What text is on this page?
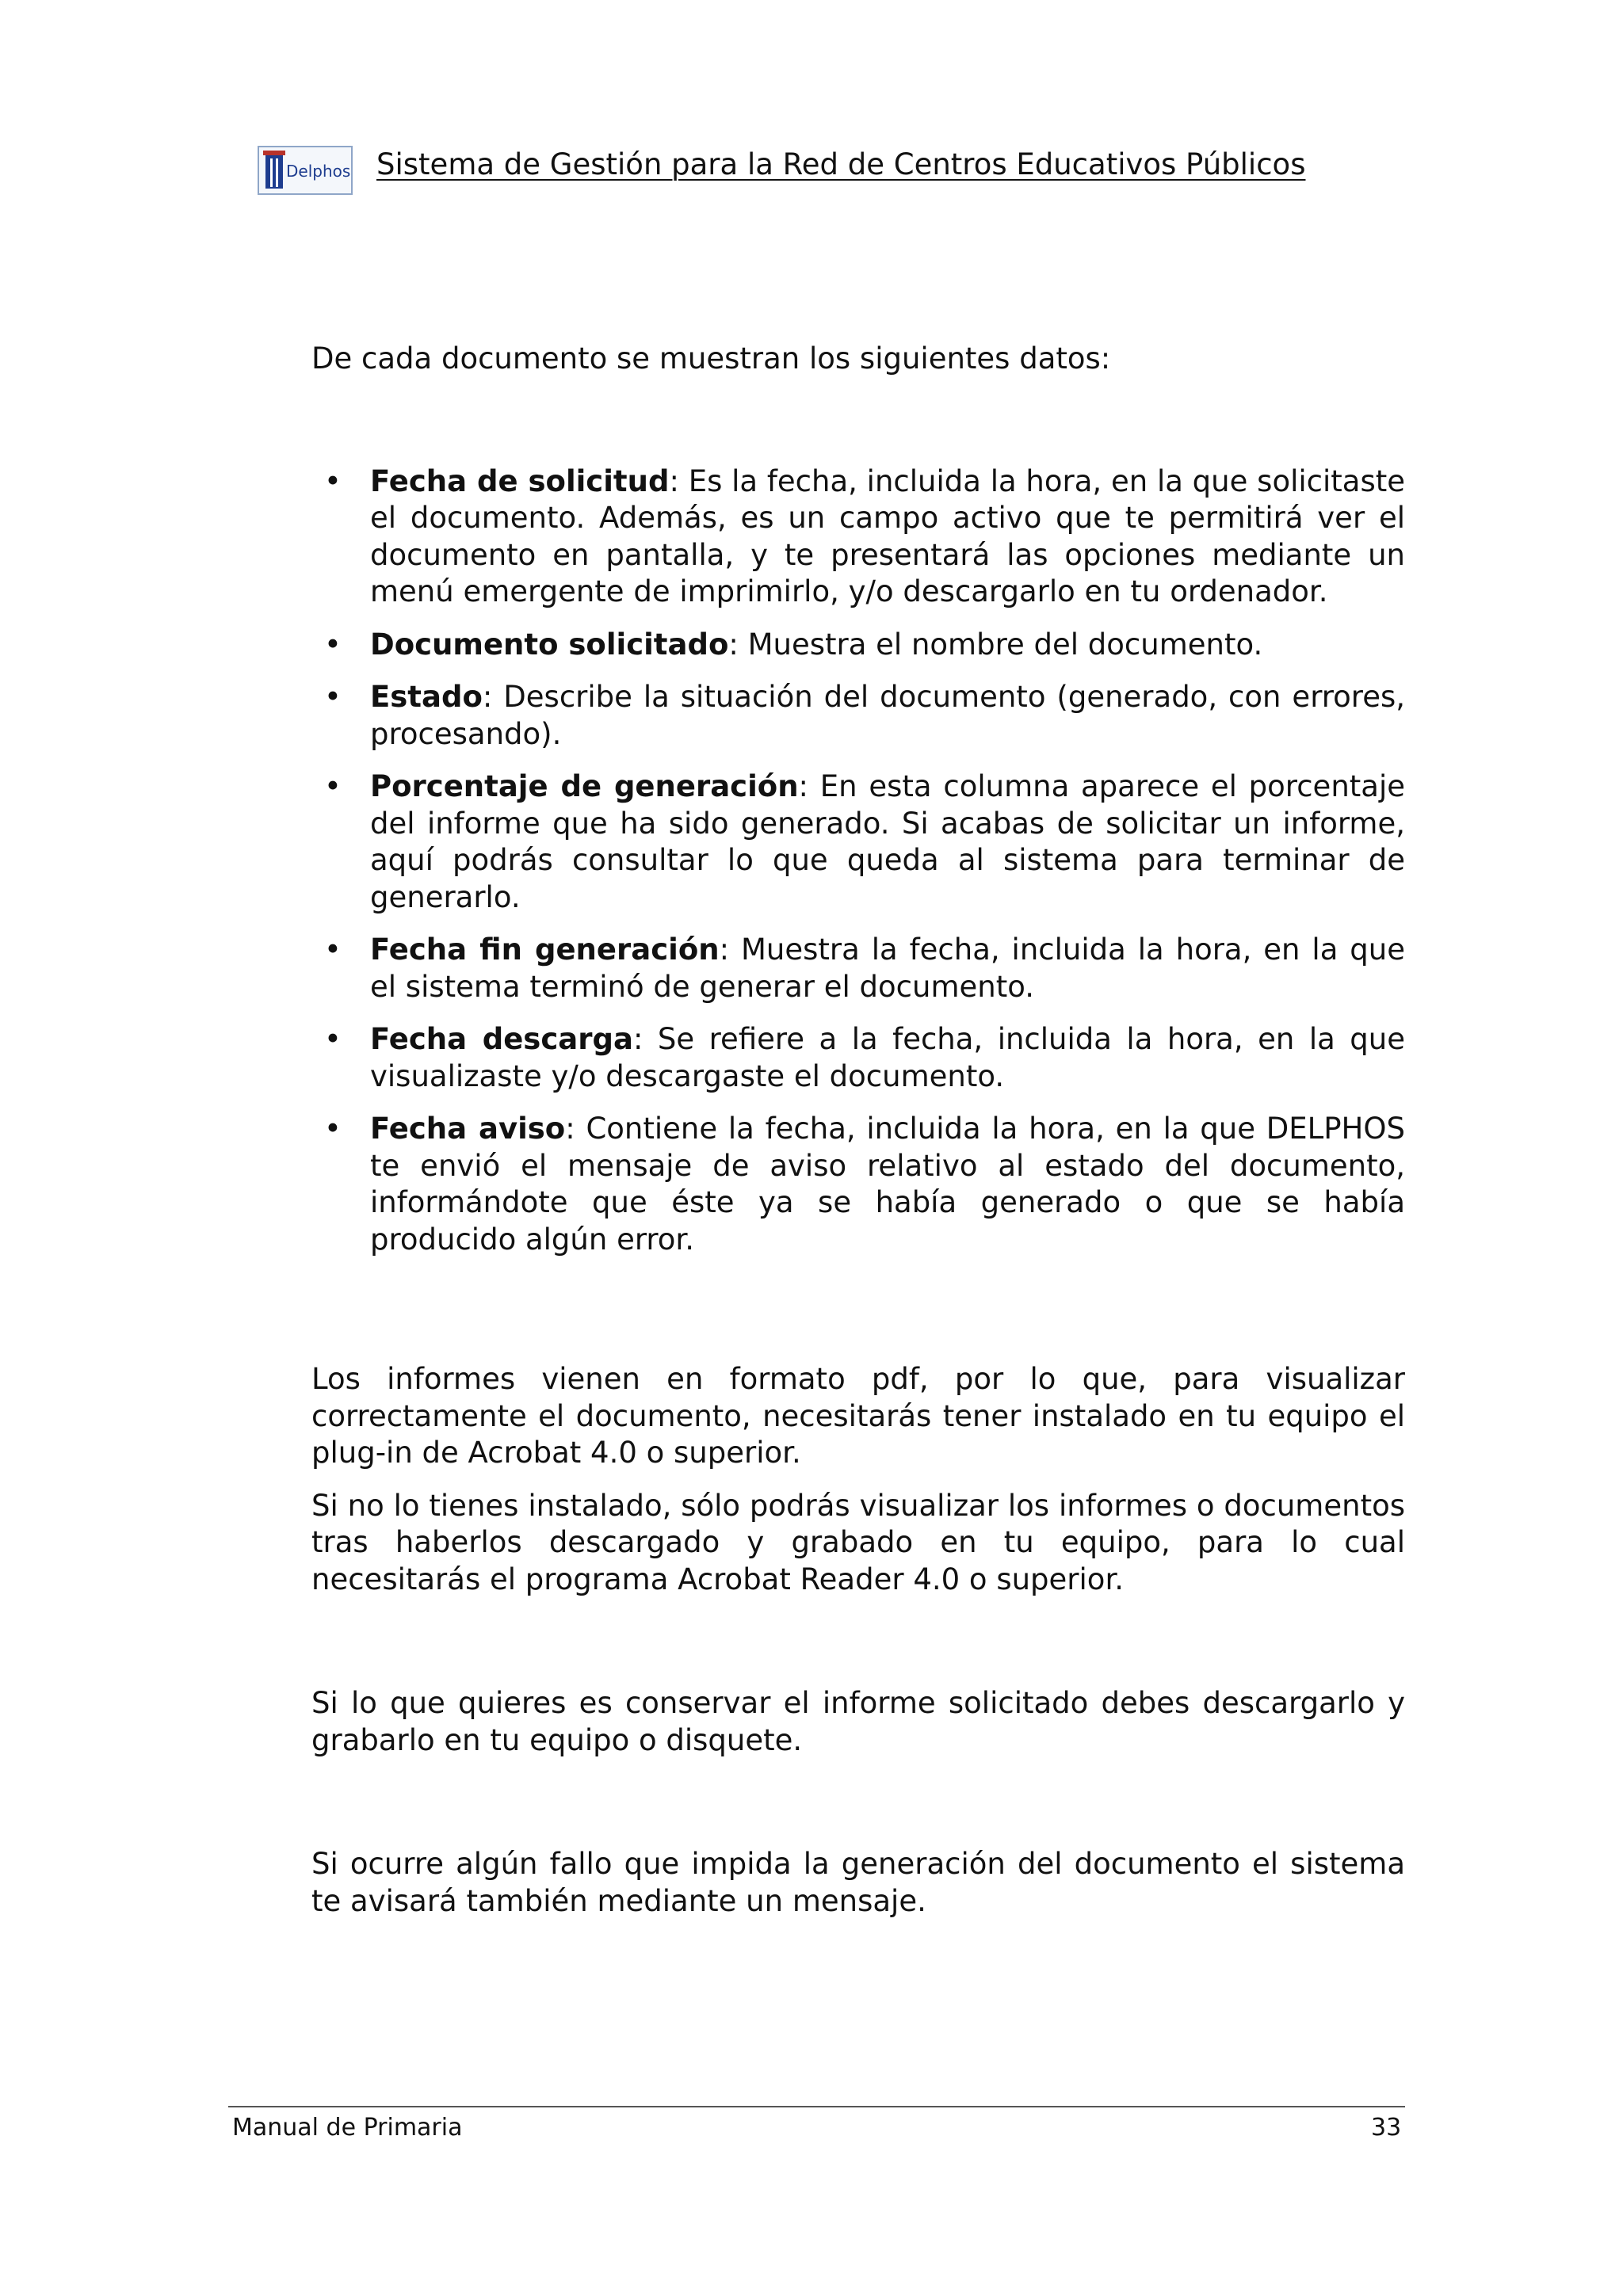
Delphos Sistema de Gestión para la Red de Centros Educativos Públicos

De cada documento se muestran los siguientes datos:

• Fecha de solicitud: Es la fecha, incluida la hora, en la que solicitaste el documento. Además, es un campo activo que te permitirá ver el documento en pantalla, y te presentará las opciones mediante un menú emergente de imprimirlo, y/o descargarlo en tu ordenador.
• Documento solicitado: Muestra el nombre del documento.
• Estado: Describe la situación del documento (generado, con errores, procesando).
• Porcentaje de generación: En esta columna aparece el porcentaje del informe que ha sido generado. Si acabas de solicitar un informe, aquí podrás consultar lo que queda al sistema para terminar de generarlo.
• Fecha fin generación: Muestra la fecha, incluida la hora, en la que el sistema terminó de generar el documento.
• Fecha descarga: Se refiere a la fecha, incluida la hora, en la que visualizaste y/o descargaste el documento.
• Fecha aviso: Contiene la fecha, incluida la hora, en la que DELPHOS te envió el mensaje de aviso relativo al estado del documento, informándote que éste ya se había generado o que se había producido algún error.

Los informes vienen en formato pdf, por lo que, para visualizar correctamente el documento, necesitarás tener instalado en tu equipo el plug-in de Acrobat 4.0 o superior.

Si no lo tienes instalado, sólo podrás visualizar los informes o documentos tras haberlos descargado y grabado en tu equipo, para lo cual necesitarás el programa Acrobat Reader 4.0 o superior.

Si lo que quieres es conservar el informe solicitado debes descargarlo y grabarlo en tu equipo o disquete.

Si ocurre algún fallo que impida la generación del documento el sistema te avisará también mediante un mensaje.

Manual de Primaria	33
